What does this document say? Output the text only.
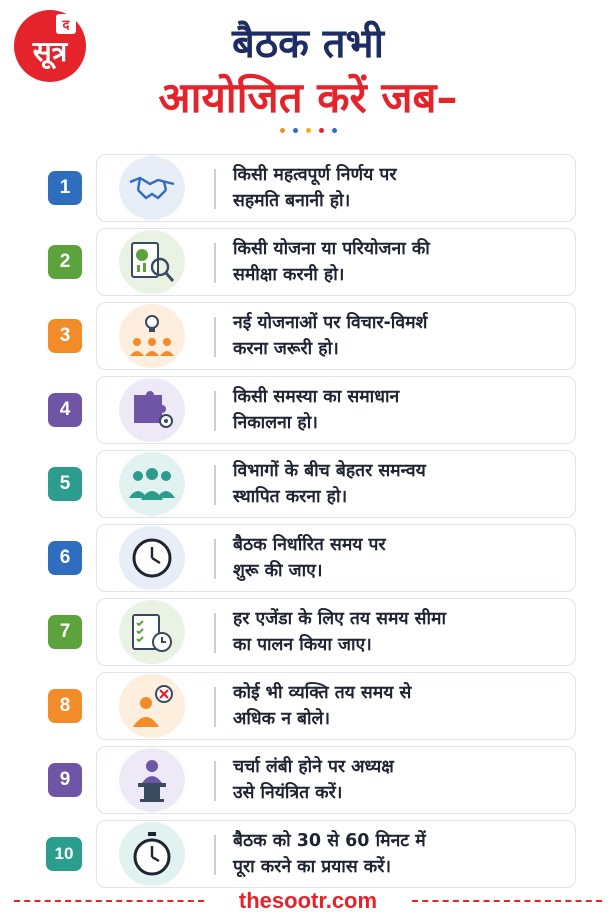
द
सूत्र	बैठक तभी
आयोजित करें जब–
किसी महत्वपूर्ण निर्णय पर
सहमति बनानी हो।
किसी योजना या परियोजना की
समीक्षा करनी हो।
नई योजनाओं पर विचार-विमर्श
करना जरूरी हो।
किसी समस्या का समाधान
निकालना हो।
विभागों के बीच बेहतर समन्वय
स्थापित करना हो।
बैठक निर्धारित समय पर
शुरू की जाए।
हर एजेंडा के लिए तय समय सीमा
का पालन किया जाए।
कोई भी व्यक्ति तय समय से
अधिक न बोले।
चर्चा लंबी होने पर अध्यक्ष
उसे नियंत्रित करें।
बैठक को 30 से 60 मिनट में
पूरा करने का प्रयास करें।
thesootr.com
1
2
3
4
5
6
7
8
9
10
